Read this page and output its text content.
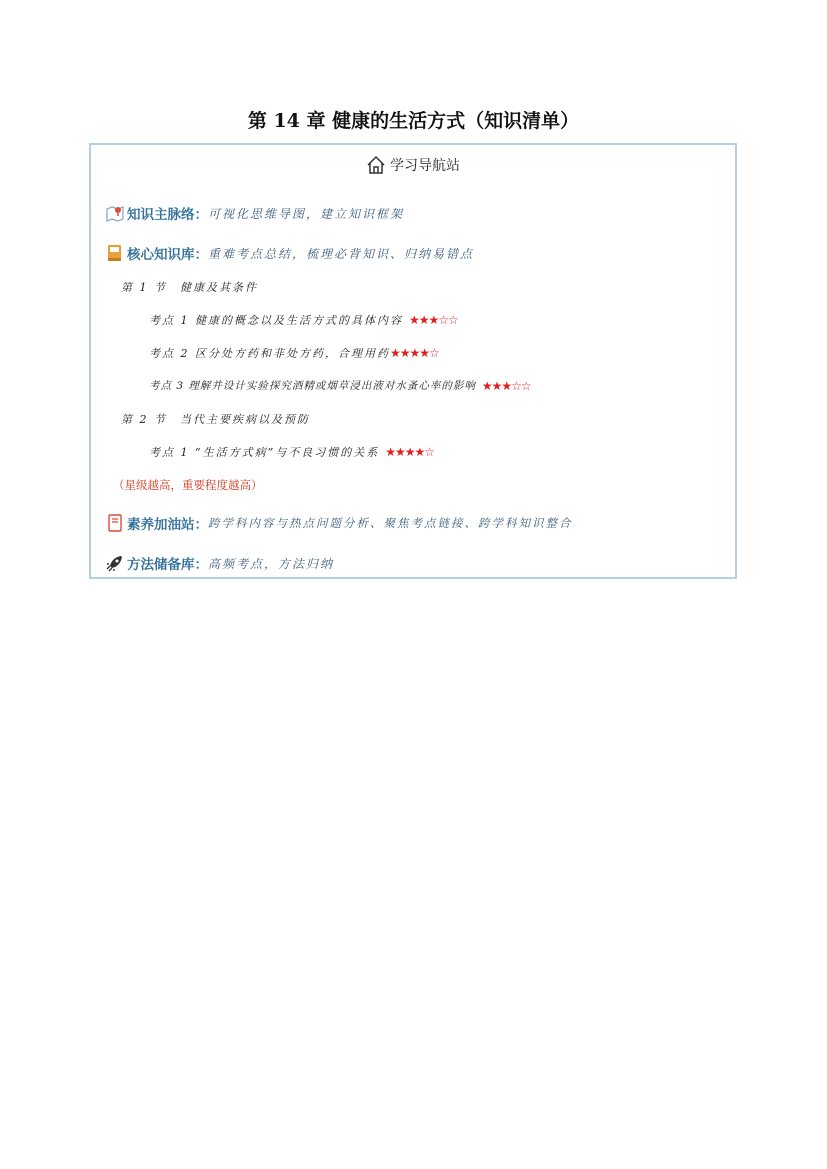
第 14 章 健康的生活方式（知识清单）
学习导航站
知识主脉络： 可视化思维导图，建立知识框架
核心知识库： 重难考点总结，梳理必背知识、归纳易错点
第 1 节　健康及其条件
考点 1 健康的概念以及生活方式的具体内容 ★★★☆☆
考点 2 区分处方药和非处方药，合理用药 ★★★★☆
考点 3 理解并设计实验探究酒精或烟草浸出液对水蚤心率的影响 ★★★☆☆
第 2 节　当代主要疾病以及预防
考点 1 “生活方式病”与不良习惯的关系 ★★★★☆
（星级越高，重要程度越高）
素养加油站： 跨学科内容与热点问题分析、聚焦考点链接、跨学科知识整合
方法储备库： 高频考点，方法归纳
